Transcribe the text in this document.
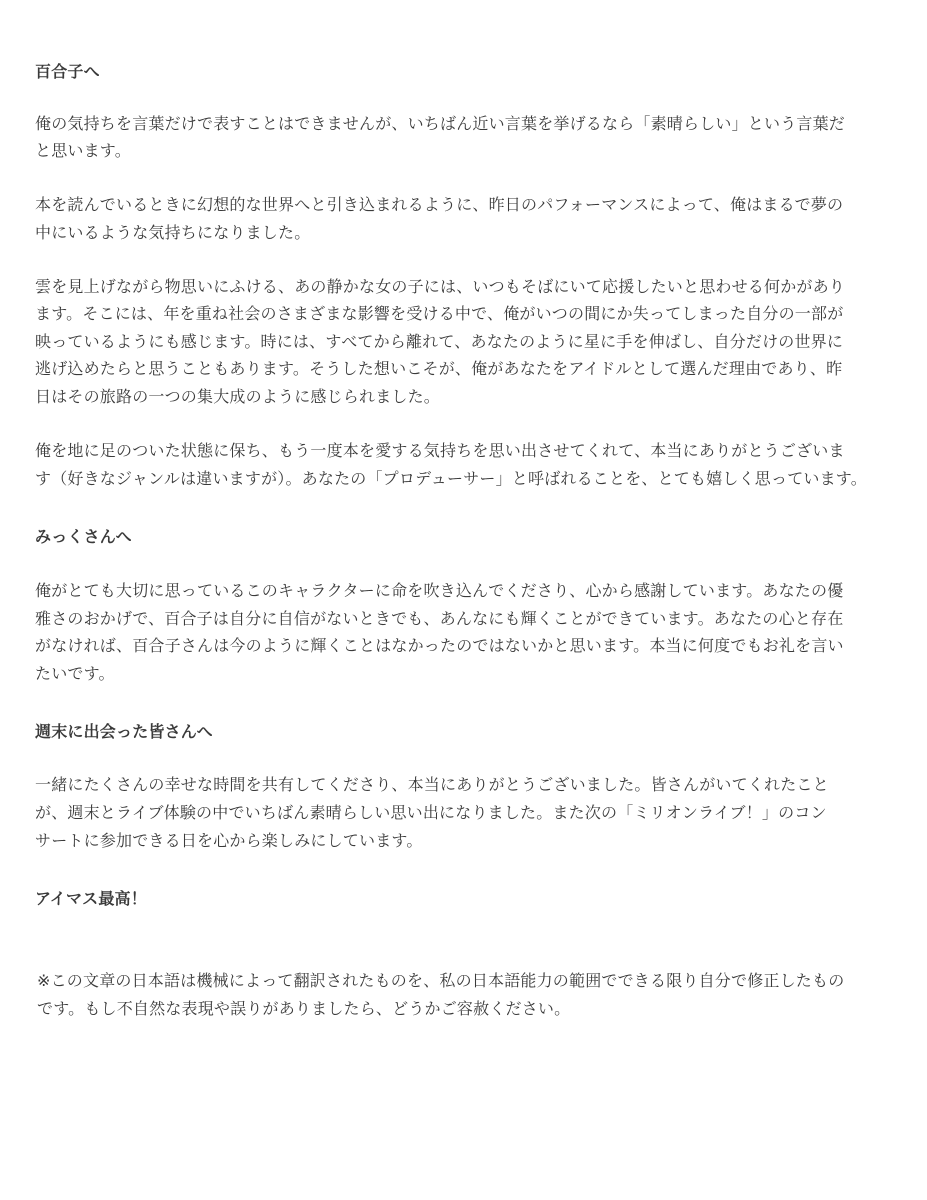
百合子へ
俺の気持ちを言葉だけで表すことはできませんが、いちばん近い言葉を挙げるなら「素晴らしい」という言葉だ
と思います。
本を読んでいるときに幻想的な世界へと引き込まれるように、昨日のパフォーマンスによって、俺はまるで夢の
中にいるような気持ちになりました。
雲を見上げながら物思いにふける、あの静かな女の子には、いつもそばにいて応援したいと思わせる何かがあり
ます。そこには、年を重ね社会のさまざまな影響を受ける中で、俺がいつの間にか失ってしまった自分の一部が
映っているようにも感じます。時には、すべてから離れて、あなたのように星に手を伸ばし、自分だけの世界に
逃げ込めたらと思うこともあります。そうした想いこそが、俺があなたをアイドルとして選んだ理由であり、昨
日はその旅路の一つの集大成のように感じられました。
俺を地に足のついた状態に保ち、もう一度本を愛する気持ちを思い出させてくれて、本当にありがとうございま
す（好きなジャンルは違いますが）。あなたの「プロデューサー」と呼ばれることを、とても嬉しく思っています。
みっくさんへ
俺がとても大切に思っているこのキャラクターに命を吹き込んでくださり、心から感謝しています。あなたの優
雅さのおかげで、百合子は自分に自信がないときでも、あんなにも輝くことができています。あなたの心と存在
がなければ、百合子さんは今のように輝くことはなかったのではないかと思います。本当に何度でもお礼を言い
たいです。
週末に出会った皆さんへ
一緒にたくさんの幸せな時間を共有してくださり、本当にありがとうございました。皆さんがいてくれたこと
が、週末とライブ体験の中でいちばん素晴らしい思い出になりました。また次の「ミリオンライブ！」のコン
サートに参加できる日を心から楽しみにしています。
アイマス最高！
※この文章の日本語は機械によって翻訳されたものを、私の日本語能力の範囲でできる限り自分で修正したもの
です。もし不自然な表現や誤りがありましたら、どうかご容赦ください。
